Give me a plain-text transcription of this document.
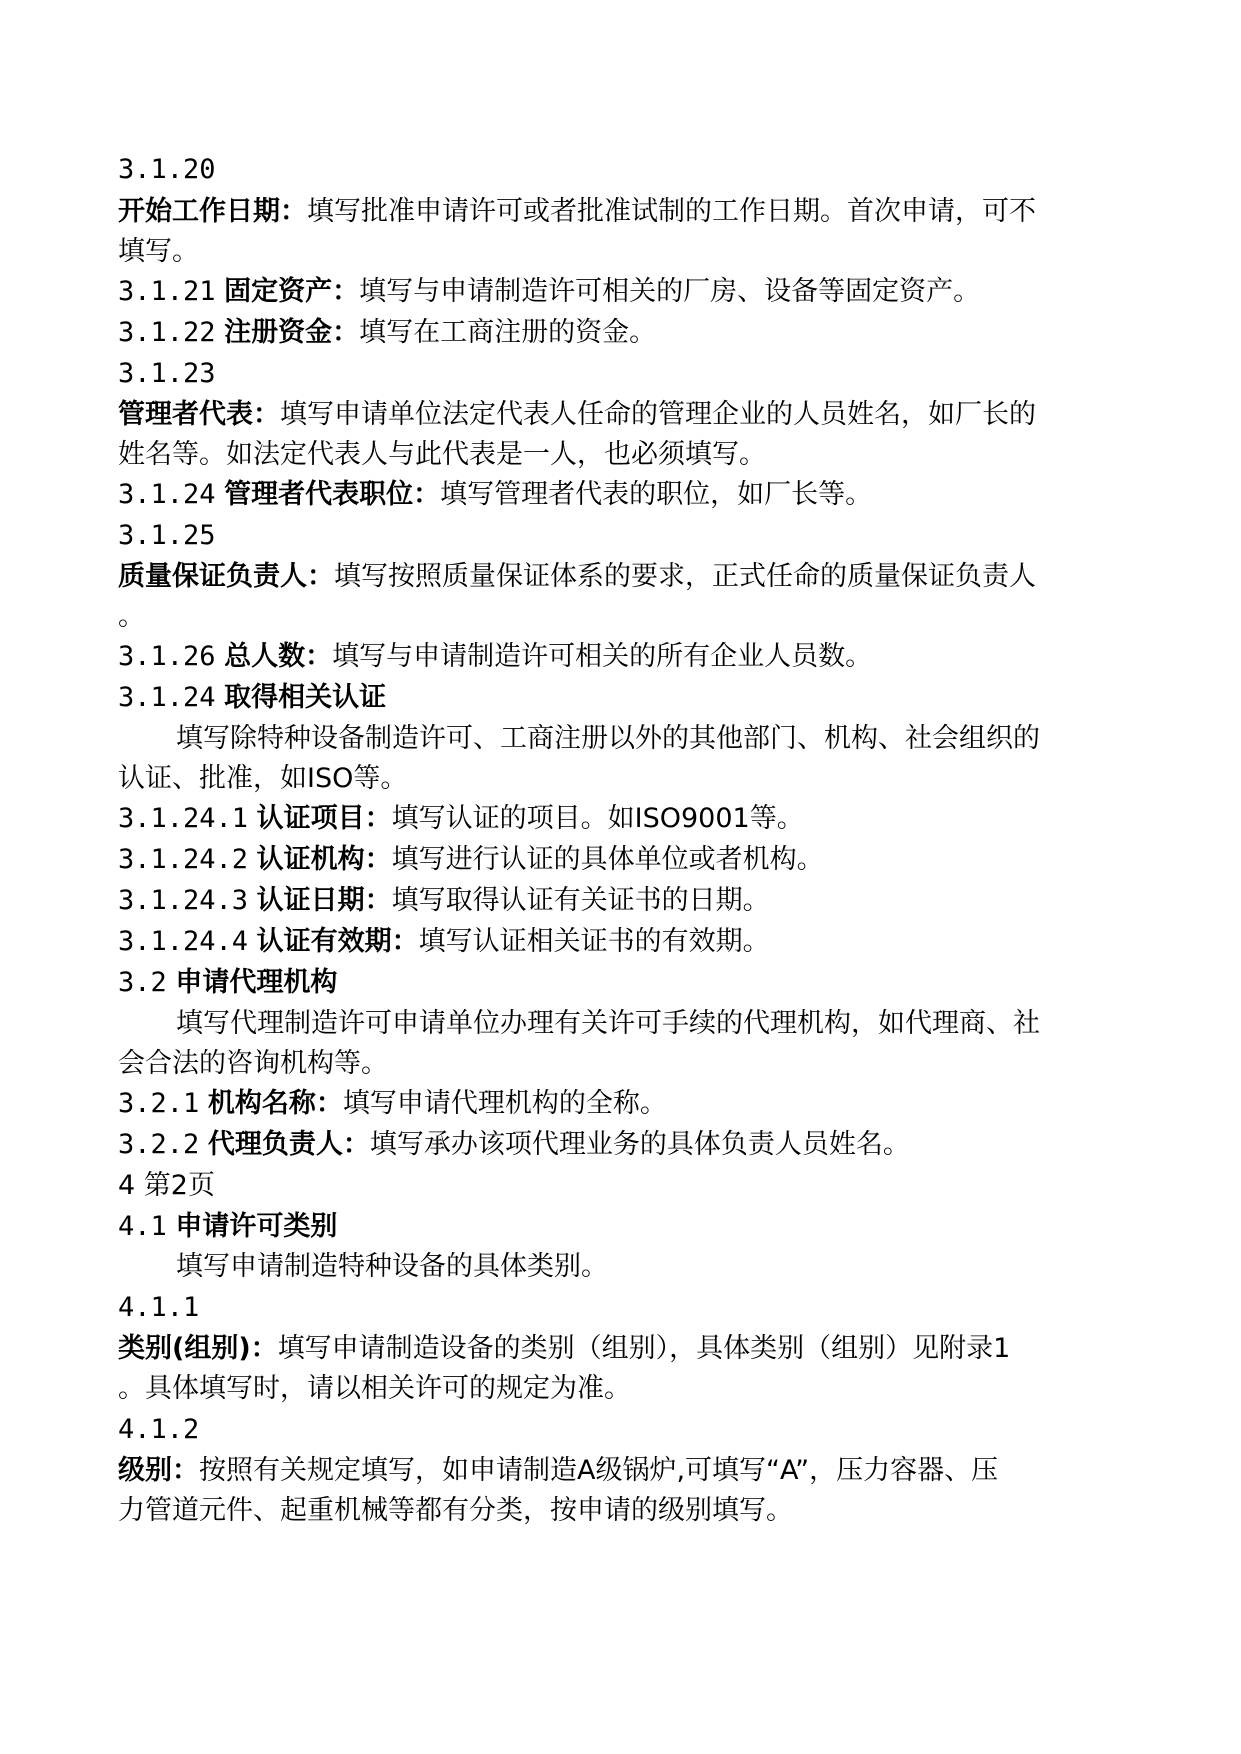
3.1.20
开始工作日期：填写批准申请许可或者批准试制的工作日期。首次申请，可不
填写。
3.1.21 固定资产：填写与申请制造许可相关的厂房、设备等固定资产。
3.1.22 注册资金：填写在工商注册的资金。
3.1.23
管理者代表：填写申请单位法定代表人任命的管理企业的人员姓名，如厂长的
姓名等。如法定代表人与此代表是一人，也必须填写。
3.1.24 管理者代表职位：填写管理者代表的职位，如厂长等。
3.1.25
质量保证负责人：填写按照质量保证体系的要求，正式任命的质量保证负责人
。
3.1.26 总人数：填写与申请制造许可相关的所有企业人员数。
3.1.24 取得相关认证
填写除特种设备制造许可、工商注册以外的其他部门、机构、社会组织的
认证、批准，如ISO等。
3.1.24.1 认证项目：填写认证的项目。如ISO9001等。
3.1.24.2 认证机构：填写进行认证的具体单位或者机构。
3.1.24.3 认证日期：填写取得认证有关证书的日期。
3.1.24.4 认证有效期：填写认证相关证书的有效期。
3.2 申请代理机构
填写代理制造许可申请单位办理有关许可手续的代理机构，如代理商、社
会合法的咨询机构等。
3.2.1 机构名称：填写申请代理机构的全称。
3.2.2 代理负责人：填写承办该项代理业务的具体负责人员姓名。
4 第2页
4.1 申请许可类别
填写申请制造特种设备的具体类别。
4.1.1
类别(组别)：填写申请制造设备的类别（组别），具体类别（组别）见附录1
。具体填写时，请以相关许可的规定为准。
4.1.2
级别：按照有关规定填写，如申请制造A级锅炉,可填写“A”，压力容器、压
力管道元件、起重机械等都有分类，按申请的级别填写。
